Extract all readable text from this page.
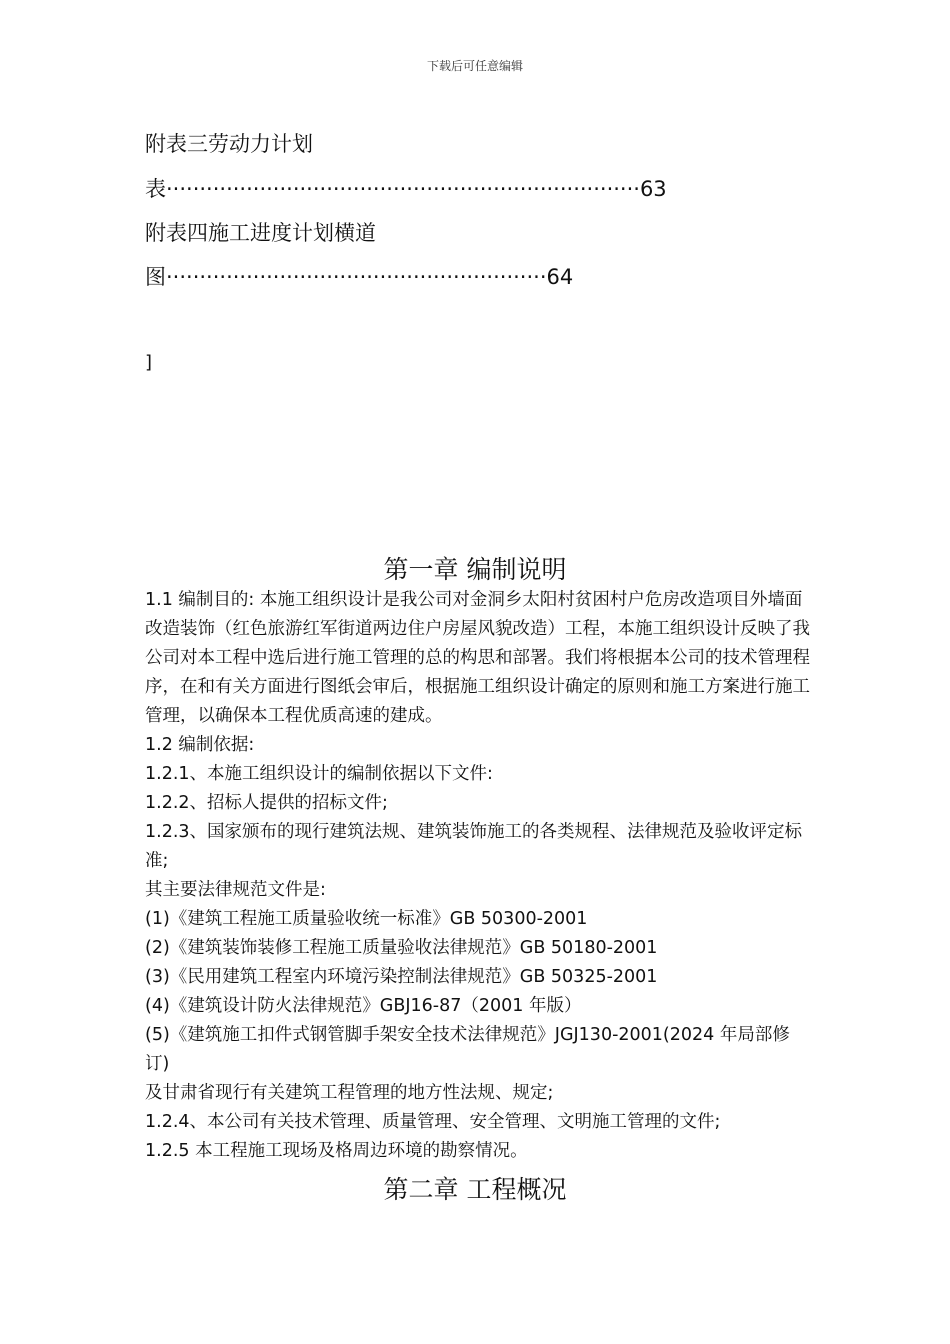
下载后可任意编辑
附表三劳动力计划
表·······································································63
附表四施工进度计划横道
图·························································64
]
第一章 编制说明

1.1 编制目的: 本施工组织设计是我公司对金洞乡太阳村贫困村户危房改造项目外墙面改造装饰（红色旅游红军街道两边住户房屋风貌改造）工程，本施工组织设计反映了我公司对本工程中选后进行施工管理的总的构思和部署。我们将根据本公司的技术管理程序，在和有关方面进行图纸会审后，根据施工组织设计确定的原则和施工方案进行施工管理，以确保本工程优质高速的建成。

1.2 编制依据:

1.2.1、本施工组织设计的编制依据以下文件:

1.2.2、招标人提供的招标文件;

1.2.3、国家颁布的现行建筑法规、建筑装饰施工的各类规程、法律规范及验收评定标准;

其主要法律规范文件是:

(1)《建筑工程施工质量验收统一标准》GB 50300-2001

(2)《建筑装饰装修工程施工质量验收法律规范》GB 50180-2001

(3)《民用建筑工程室内环境污染控制法律规范》GB 50325-2001

(4)《建筑设计防火法律规范》GBJ16-87（2001 年版）

(5)《建筑施工扣件式钢管脚手架安全技术法律规范》JGJ130-2001(2024 年局部修订)

及甘肃省现行有关建筑工程管理的地方性法规、规定;

1.2.4、本公司有关技术管理、质量管理、安全管理、文明施工管理的文件;

1.2.5 本工程施工现场及格周边环境的勘察情况。

第二章 工程概况
